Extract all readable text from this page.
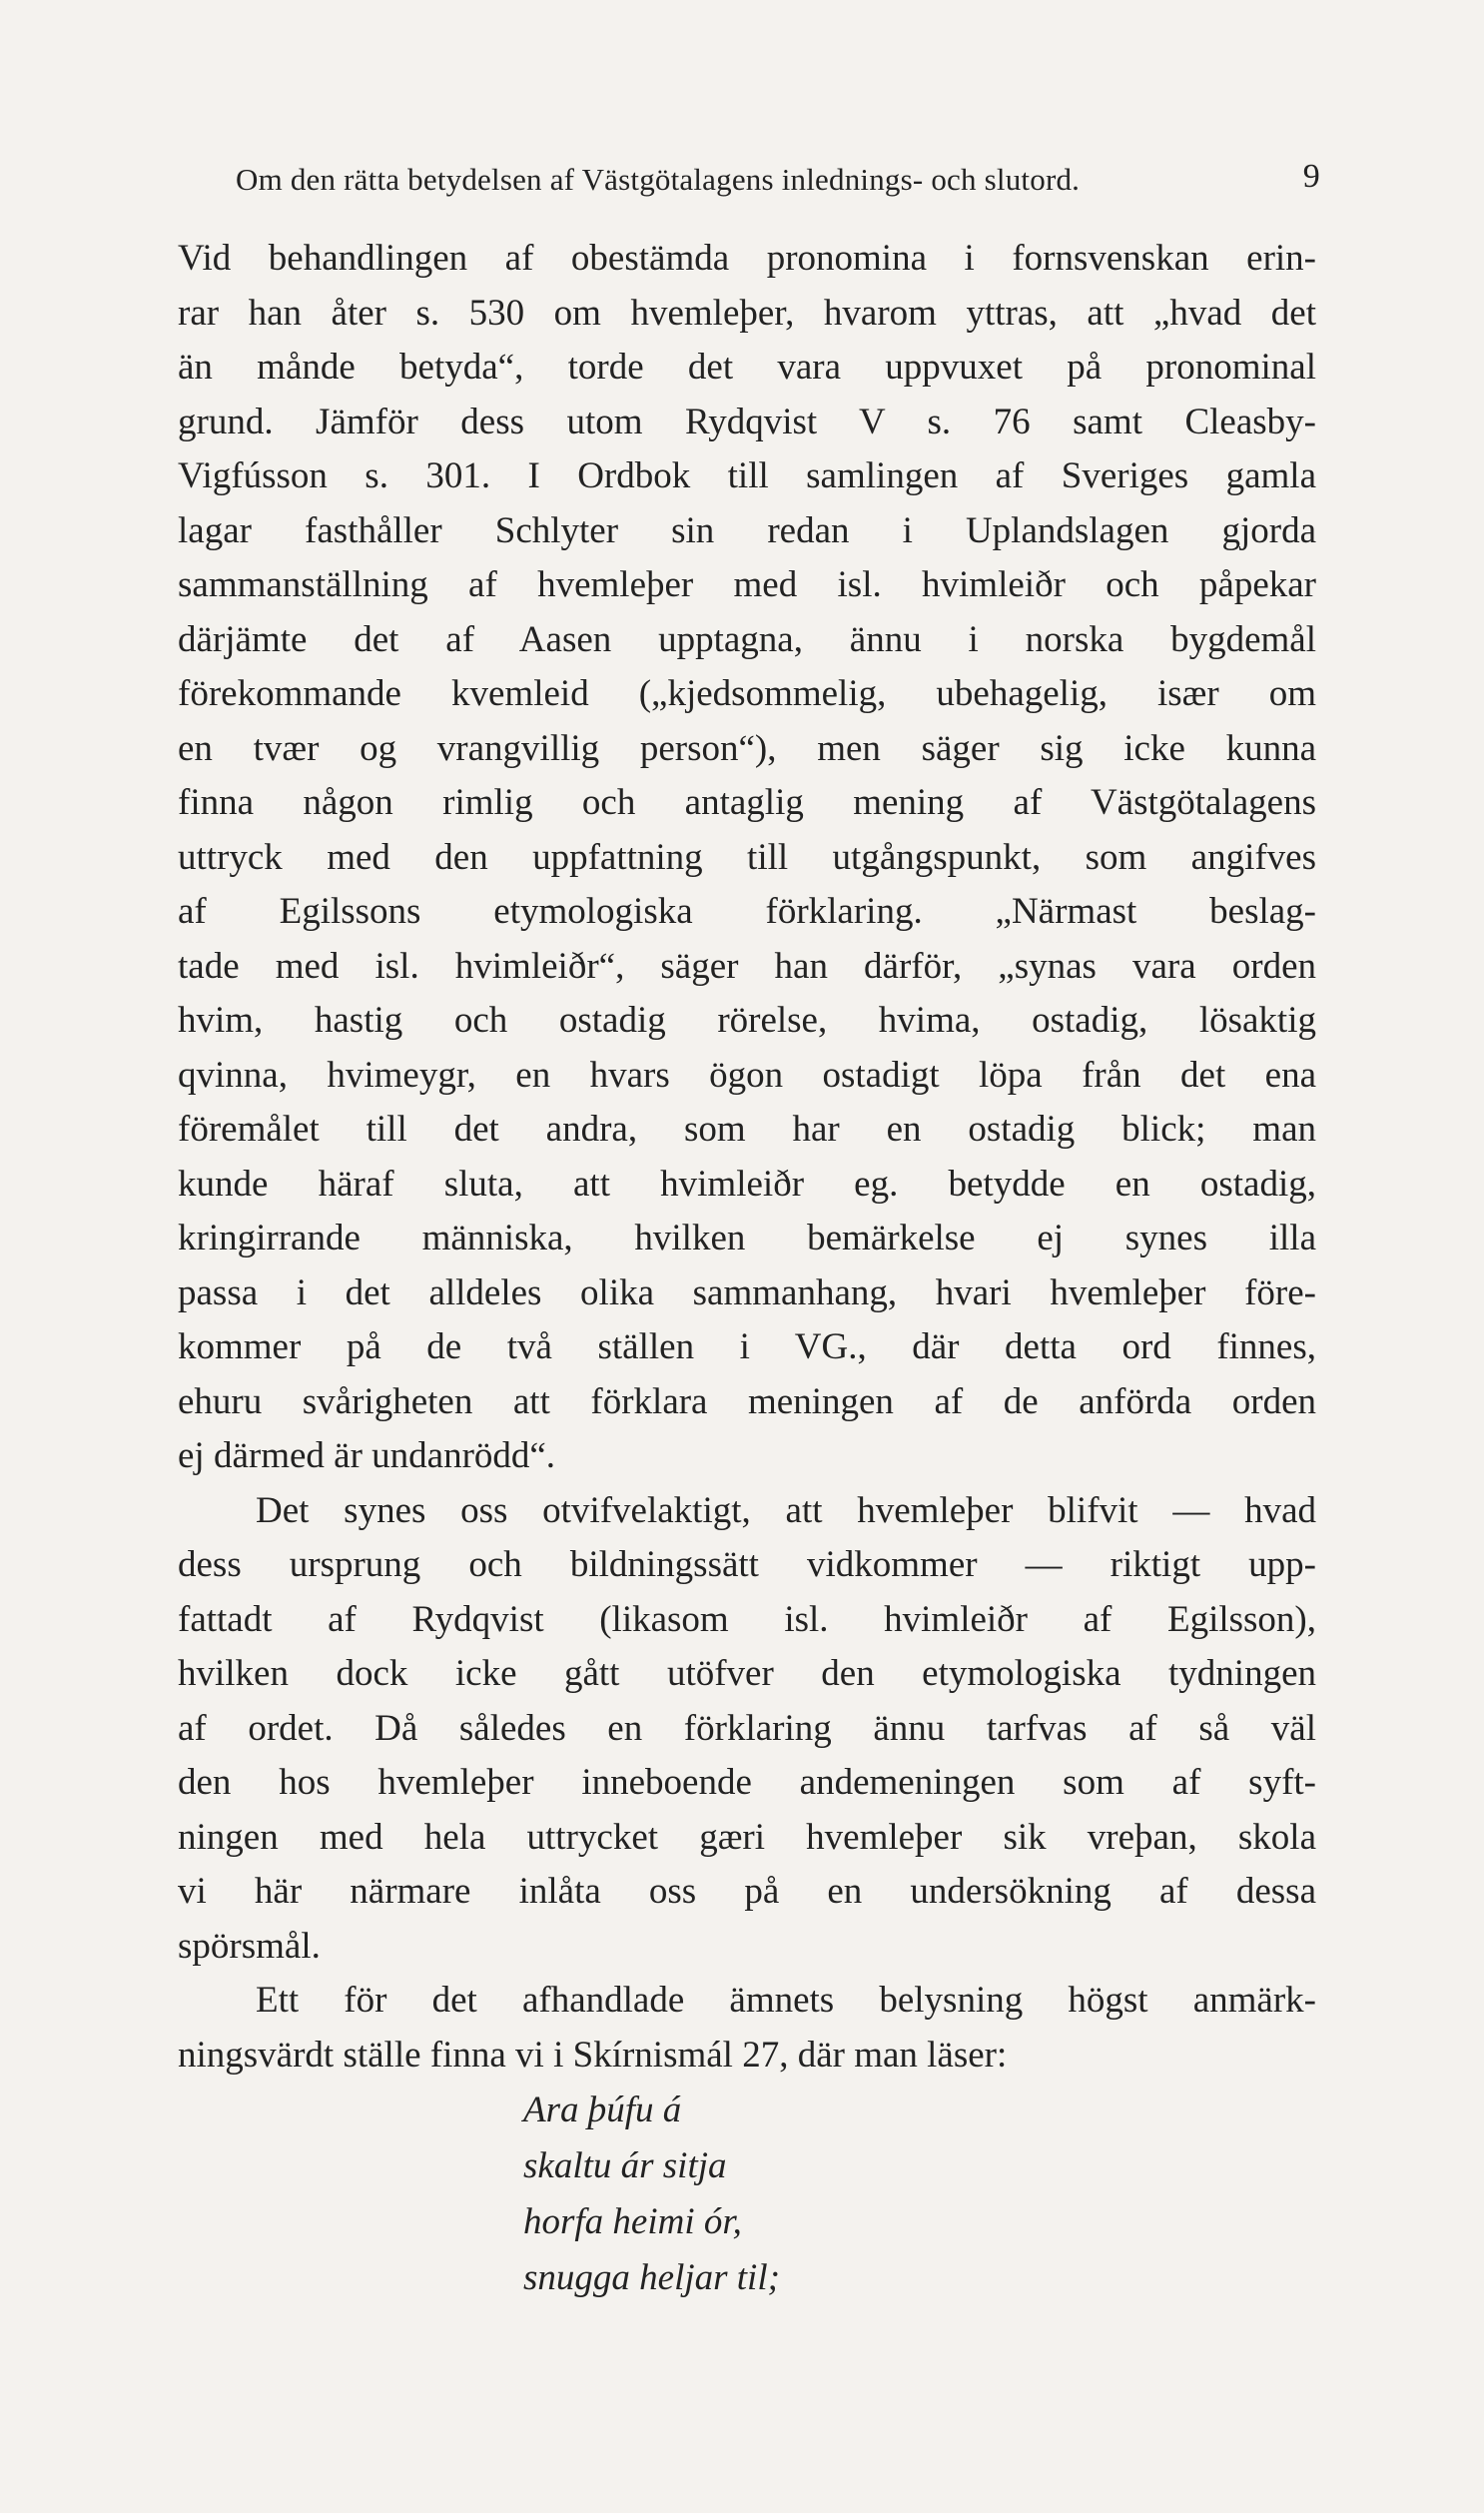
Om den rätta betydelsen af Västgötalagens inlednings- och slutord.	9
Vid behandlingen af obestämda pronomina i fornsvenskan erin-
rar han åter s. 530 om hvemleþer, hvarom yttras, att „hvad det
än månde betyda“, torde det vara uppvuxet på pronominal
grund. Jämför dess utom Rydqvist V s. 76 samt Cleasby-
Vigfússon s. 301. I Ordbok till samlingen af Sveriges gamla
lagar fasthåller Schlyter sin redan i Uplandslagen gjorda
sammanställning af hvemleþer med isl. hvimleiðr och påpekar
därjämte det af Aasen upptagna, ännu i norska bygdemål
förekommande kvemleid („kjedsommelig, ubehagelig, især om
en tvær og vrangvillig person“), men säger sig icke kunna
finna någon rimlig och antaglig mening af Västgötalagens
uttryck med den uppfattning till utgångspunkt, som angifves
af Egilssons etymologiska förklaring. „Närmast beslag-
tade med isl. hvimleiðr“, säger han därför, „synas vara orden
hvim, hastig och ostadig rörelse, hvima, ostadig, lösaktig
qvinna, hvimeygr, en hvars ögon ostadigt löpa från det ena
föremålet till det andra, som har en ostadig blick; man
kunde häraf sluta, att hvimleiðr eg. betydde en ostadig,
kringirrande människa, hvilken bemärkelse ej synes illa
passa i det alldeles olika sammanhang, hvari hvemleþer före-
kommer på de två ställen i VG., där detta ord finnes,
ehuru svårigheten att förklara meningen af de anförda orden
ej därmed är undanrödd“.
Det synes oss otvifvelaktigt, att hvemleþer blifvit — hvad
dess ursprung och bildningssätt vidkommer — riktigt upp-
fattadt af Rydqvist (likasom isl. hvimleiðr af Egilsson),
hvilken dock icke gått utöfver den etymologiska tydningen
af ordet. Då således en förklaring ännu tarfvas af så väl
den hos hvemleþer inneboende andemeningen som af syft-
ningen med hela uttrycket gæri hvemleþer sik vreþan, skola
vi här närmare inlåta oss på en undersökning af dessa
spörsmål.
Ett för det afhandlade ämnets belysning högst anmärk-
ningsvärdt ställe finna vi i Skírnismál 27, där man läser:
Ara þúfu á
skaltu ár sitja
horfa heimi ór,
snugga heljar til;
